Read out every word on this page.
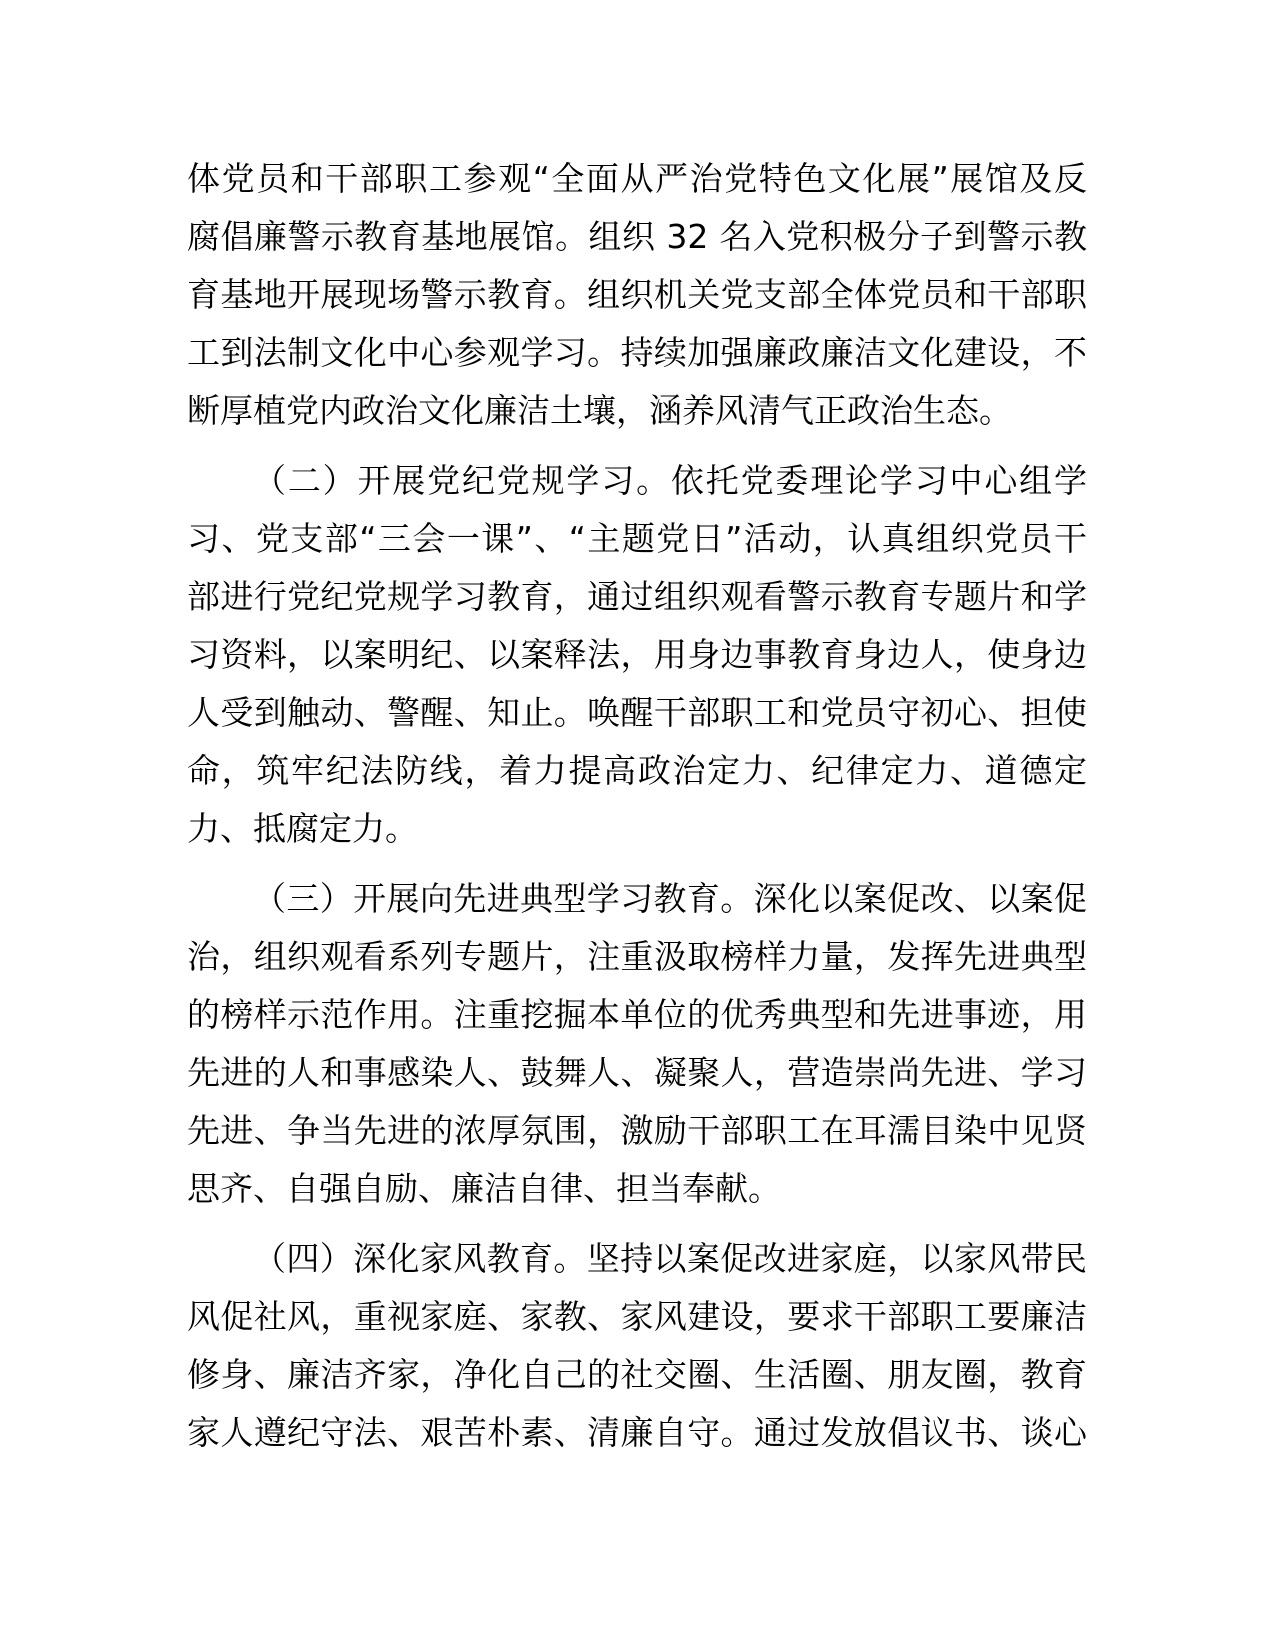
体党员和干部职工参观“全面从严治党特色文化展”展馆及反
腐倡廉警示教育基地展馆。组织 32 名入党积极分子到警示教
育基地开展现场警示教育。组织机关党支部全体党员和干部职
工到法制文化中心参观学习。持续加强廉政廉洁文化建设，不
断厚植党内政治文化廉洁土壤，涵养风清气正政治生态。
（二）开展党纪党规学习。依托党委理论学习中心组学
习、党支部“三会一课”、“主题党日”活动，认真组织党员干
部进行党纪党规学习教育，通过组织观看警示教育专题片和学
习资料，以案明纪、以案释法，用身边事教育身边人，使身边
人受到触动、警醒、知止。唤醒干部职工和党员守初心、担使
命，筑牢纪法防线，着力提高政治定力、纪律定力、道德定
力、抵腐定力。
（三）开展向先进典型学习教育。深化以案促改、以案促
治，组织观看系列专题片，注重汲取榜样力量，发挥先进典型
的榜样示范作用。注重挖掘本单位的优秀典型和先进事迹，用
先进的人和事感染人、鼓舞人、凝聚人，营造崇尚先进、学习
先进、争当先进的浓厚氛围，激励干部职工在耳濡目染中见贤
思齐、自强自励、廉洁自律、担当奉献。
（四）深化家风教育。坚持以案促改进家庭，以家风带民
风促社风，重视家庭、家教、家风建设，要求干部职工要廉洁
修身、廉洁齐家，净化自己的社交圈、生活圈、朋友圈，教育
家人遵纪守法、艰苦朴素、清廉自守。通过发放倡议书、谈心
